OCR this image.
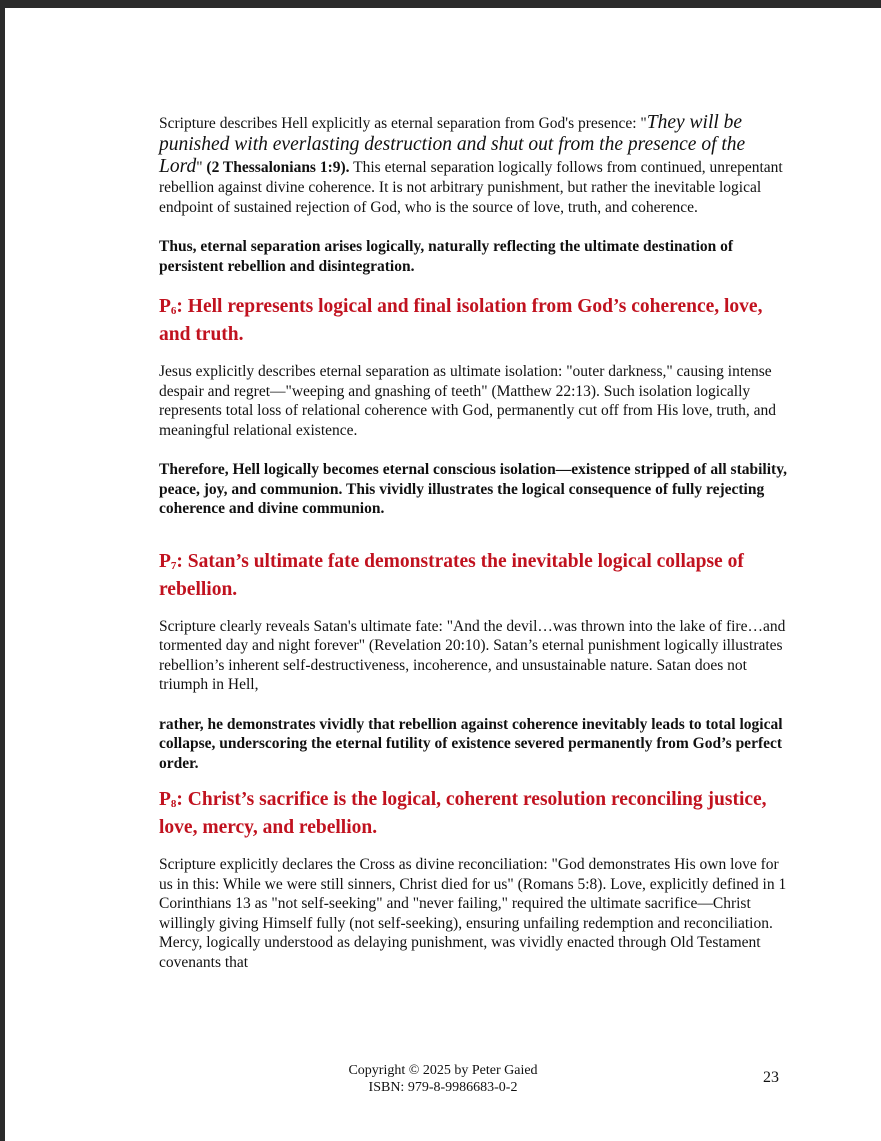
Scripture describes Hell explicitly as eternal separation from God's presence: "They will be punished with everlasting destruction and shut out from the presence of the Lord" (2 Thessalonians 1:9). This eternal separation logically follows from continued, unrepentant rebellion against divine coherence. It is not arbitrary punishment, but rather the inevitable logical endpoint of sustained rejection of God, who is the source of love, truth, and coherence.

Thus, eternal separation arises logically, naturally reflecting the ultimate destination of persistent rebellion and disintegration.

$P_6$: Hell represents logical and final isolation from God’s coherence, love, and truth.

Jesus explicitly describes eternal separation as ultimate isolation: "outer darkness," causing intense despair and regret—"weeping and gnashing of teeth" (Matthew 22:13). Such isolation logically represents total loss of relational coherence with God, permanently cut off from His love, truth, and meaningful relational existence.

Therefore, Hell logically becomes eternal conscious isolation—existence stripped of all stability, peace, joy, and communion. This vividly illustrates the logical consequence of fully rejecting coherence and divine communion.

$P_7$: Satan’s ultimate fate demonstrates the inevitable logical collapse of rebellion.

Scripture clearly reveals Satan's ultimate fate: "And the devil…was thrown into the lake of fire…and tormented day and night forever" (Revelation 20:10). Satan’s eternal punishment logically illustrates rebellion’s inherent self-destructiveness, incoherence, and unsustainable nature. Satan does not triumph in Hell,

rather, he demonstrates vividly that rebellion against coherence inevitably leads to total logical collapse, underscoring the eternal futility of existence severed permanently from God’s perfect order.

$P_8$: Christ’s sacrifice is the logical, coherent resolution reconciling justice, love, mercy, and rebellion.

Scripture explicitly declares the Cross as divine reconciliation: "God demonstrates His own love for us in this: While we were still sinners, Christ died for us" (Romans 5:8). Love, explicitly defined in 1 Corinthians 13 as "not self-seeking" and "never failing," required the ultimate sacrifice—Christ willingly giving Himself fully (not self-seeking), ensuring unfailing redemption and reconciliation. Mercy, logically understood as delaying punishment, was vividly enacted through Old Testament covenants that

Copyright © 2025 by Peter Gaied
ISBN: 979-8-9986683-0-2
23
